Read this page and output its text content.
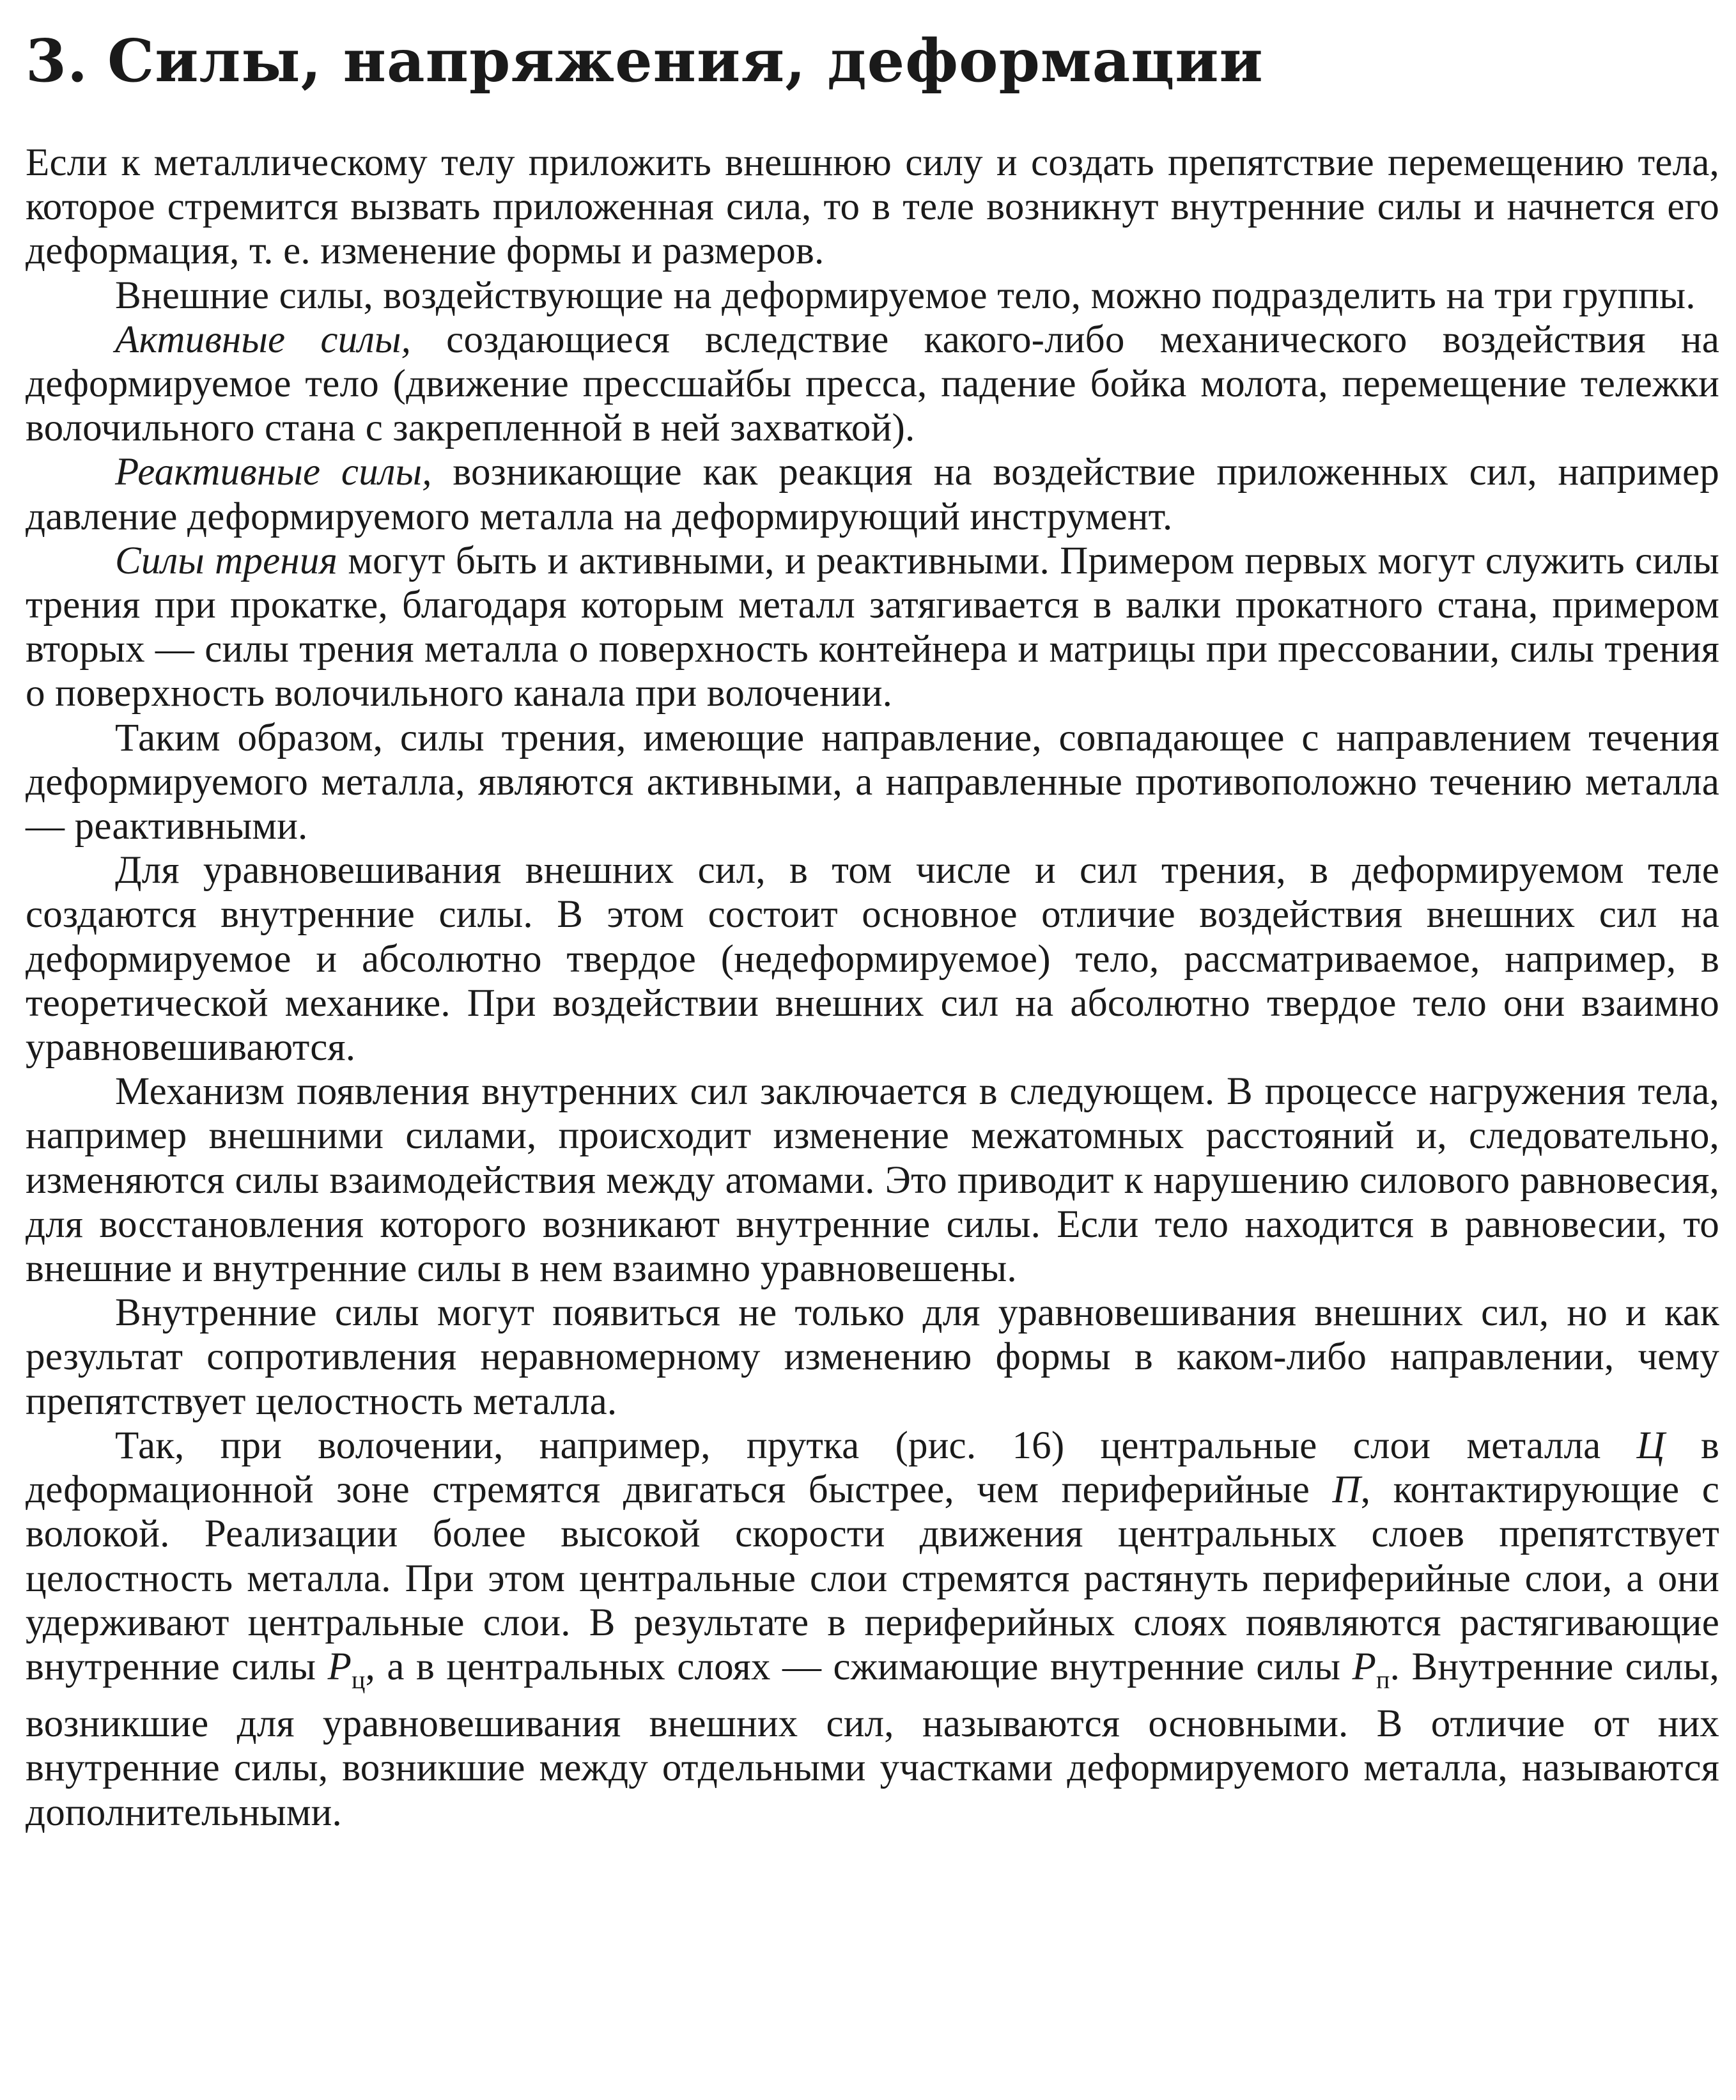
3. Силы, напряжения, деформации

Если к металлическому телу приложить внешнюю силу и создать препятствие перемещению тела, которое стремится вызвать приложенная сила, то в теле возникнут внутренние силы и начнется его деформация, т. е. изменение формы и размеров.

Внешние силы, воздействующие на деформируемое тело, можно подразделить на три группы.

Активные силы, создающиеся вследствие какого-либо механического воздействия на деформируемое тело (движение прессшайбы пресса, падение бойка молота, перемещение тележки волочильного стана с закрепленной в ней захваткой).

Реактивные силы, возникающие как реакция на воздействие приложенных сил, например давление деформируемого металла на деформирующий инструмент.

Силы трения могут быть и активными, и реактивными. Примером первых могут служить силы трения при прокатке, благодаря которым металл затягивается в валки прокатного стана, примером вторых — силы трения металла о поверхность контейнера и матрицы при прессовании, силы трения о поверхность волочильного канала при волочении.

Таким образом, силы трения, имеющие направление, совпадающее с направлением течения деформируемого металла, являются активными, а направленные противоположно течению металла — реактивными.

Для уравновешивания внешних сил, в том числе и сил трения, в деформируемом теле создаются внутренние силы. В этом состоит основное отличие воздействия внешних сил на деформируемое и абсолютно твердое (недеформируемое) тело, рассматриваемое, например, в теоретической механике. При воздействии внешних сил на абсолютно твердое тело они взаимно уравновешиваются.

Механизм появления внутренних сил заключается в следующем. В процессе нагружения тела, например внешними силами, происходит изменение межатомных расстояний и, следовательно, изменяются силы взаимодействия между атомами. Это приводит к нарушению силового равновесия, для восстановления которого возникают внутренние силы. Если тело находится в равновесии, то внешние и внутренние силы в нем взаимно уравновешены.

Внутренние силы могут появиться не только для уравновешивания внешних сил, но и как результат сопротивления неравномерному изменению формы в каком-либо направлении, чему препятствует целостность металла.

Так, при волочении, например, прутка (рис. 16) центральные слои металла Ц в деформационной зоне стремятся двигаться быстрее, чем периферийные П, контактирующие с волокой. Реализации более высокой скорости движения центральных слоев препятствует целостность металла. При этом центральные слои стремятся растянуть периферийные слои, а они удерживают центральные слои. В результате в периферийных слоях появляются растягивающие внутренние силы $P_ц$, а в центральных слоях — сжимающие внутренние силы $P_п$. Внутренние силы, возникшие для уравновешивания внешних сил, называются основными. В отличие от них внутренние силы, возникшие между отдельными участками деформируемого металла, называются дополнительными.
